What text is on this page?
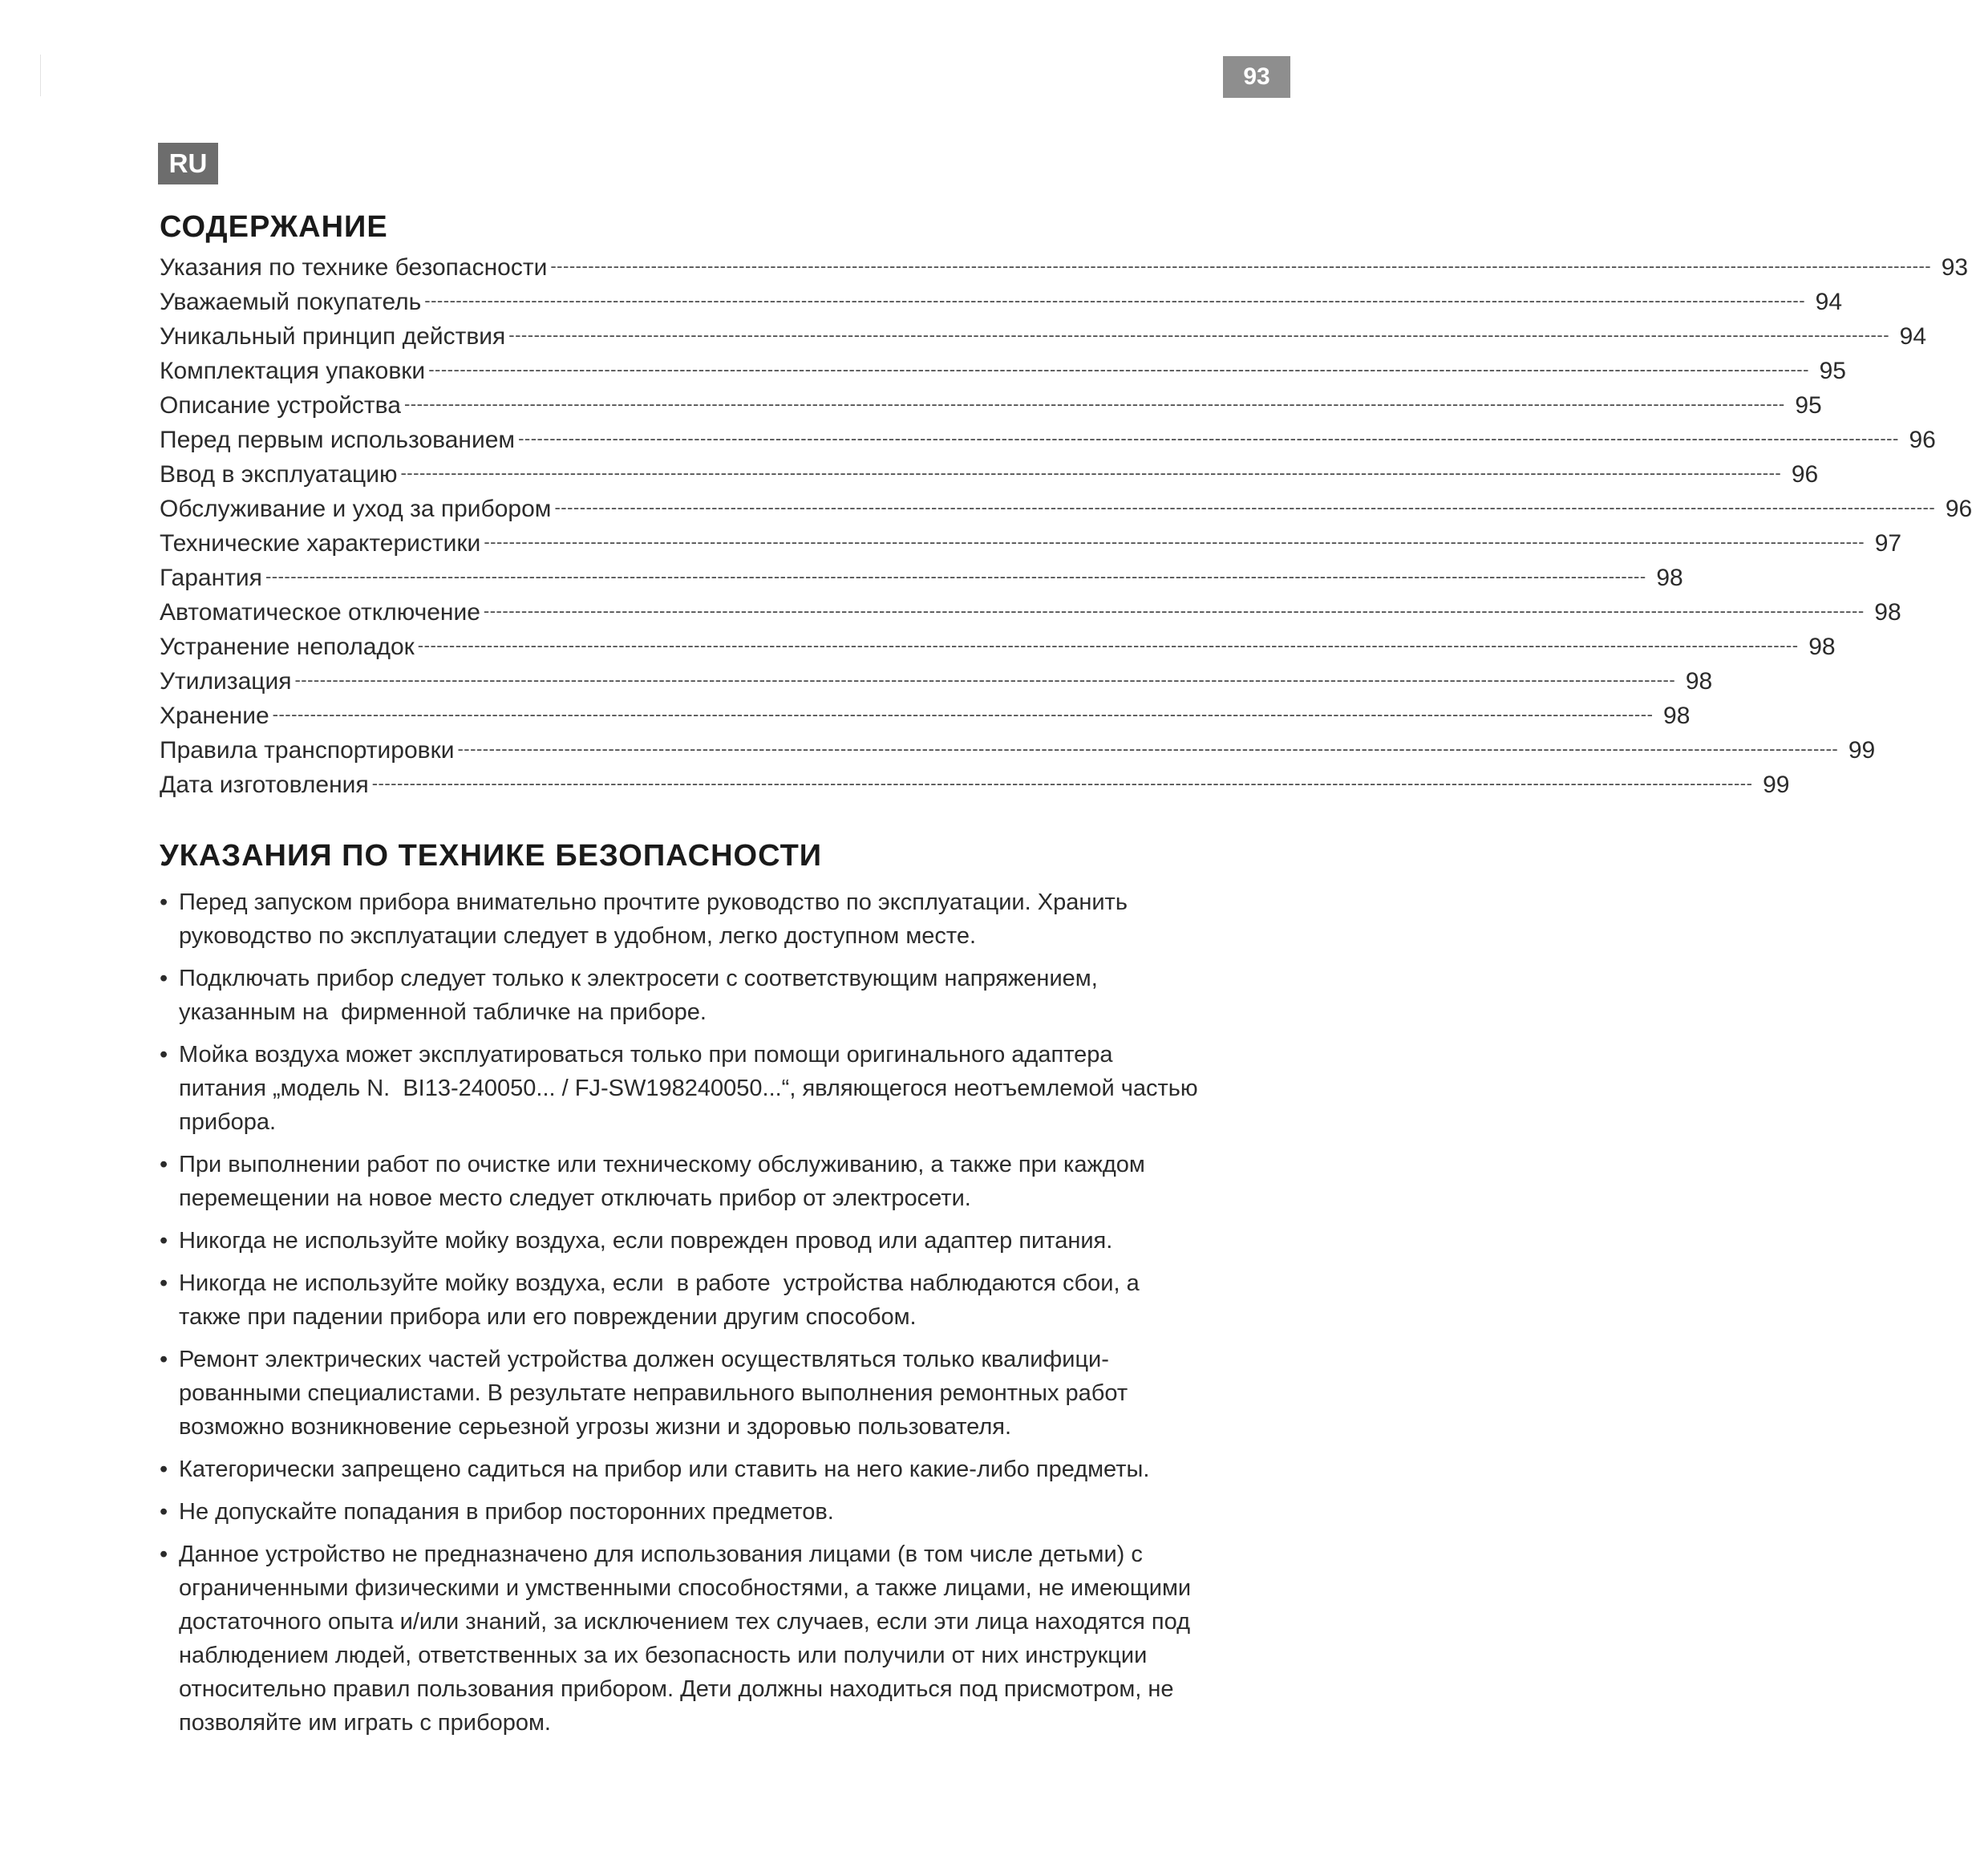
93
RU
СОДЕРЖАНИЕ
Указания по технике безопасности ---------------------------------------------------------------------------------------------------------------------------------------------------------------------------------------------------------------------------- 93
Уважаемый покупатель ---------------------------------------------------------------------------------------------------------------------------------------------------------------------------------------------------------------------------- 94
Уникальный принцип действия ---------------------------------------------------------------------------------------------------------------------------------------------------------------------------------------------------------------------------- 94
Комплектация упаковки ---------------------------------------------------------------------------------------------------------------------------------------------------------------------------------------------------------------------------- 95
Описание устройства ---------------------------------------------------------------------------------------------------------------------------------------------------------------------------------------------------------------------------- 95
Перед первым использованием ---------------------------------------------------------------------------------------------------------------------------------------------------------------------------------------------------------------------------- 96
Ввод в эксплуатацию ---------------------------------------------------------------------------------------------------------------------------------------------------------------------------------------------------------------------------- 96
Обслуживание и уход за прибором ---------------------------------------------------------------------------------------------------------------------------------------------------------------------------------------------------------------------------- 96
Технические характеристики ---------------------------------------------------------------------------------------------------------------------------------------------------------------------------------------------------------------------------- 97
Гарантия ---------------------------------------------------------------------------------------------------------------------------------------------------------------------------------------------------------------------------- 98
Автоматическое отключение ---------------------------------------------------------------------------------------------------------------------------------------------------------------------------------------------------------------------------- 98
Устранение неполадок ---------------------------------------------------------------------------------------------------------------------------------------------------------------------------------------------------------------------------- 98
Утилизация ---------------------------------------------------------------------------------------------------------------------------------------------------------------------------------------------------------------------------- 98
Хранение ---------------------------------------------------------------------------------------------------------------------------------------------------------------------------------------------------------------------------- 98
Правила транспортировки ---------------------------------------------------------------------------------------------------------------------------------------------------------------------------------------------------------------------------- 99
Дата изготовления ---------------------------------------------------------------------------------------------------------------------------------------------------------------------------------------------------------------------------- 99
УКАЗАНИЯ ПО ТЕХНИКЕ БЕЗОПАСНОСТИ
• Перед запуском прибора внимательно прочтите руководство по эксплуатации. Хранить руководство по эксплуатации следует в удобном, легко доступном месте.
• Подключать прибор следует только к электросети с соответствующим напряжением, указанным на  фирменной табличке на приборе.
• Мойка воздуха может эксплуатироваться только при помощи оригинального адаптера питания „модель N.  BI13-240050... / FJ-SW198240050...“, являющегося неотъемлемой частью прибора.
• При выполнении работ по очистке или техническому обслуживанию, а также при каждом перемещении на новое место следует отключать прибор от электросети.
• Никогда не используйте мойку воздуха, если поврежден провод или адаптер питания.
• Никогда не используйте мойку воздуха, если  в работе  устройства наблюдаются сбои, а также при падении прибора или его повреждении другим способом.
• Ремонт электрических частей устройства должен осуществляться только квалифици-рованными специалистами. В результате неправильного выполнения ремонтных работ возможно возникновение серьезной угрозы жизни и здоровью пользователя.
• Категорически запрещено садиться на прибор или ставить на него какие-либо предметы.
• Не допускайте попадания в прибор посторонних предметов.
• Данное устройство не предназначено для использования лицами (в том числе детьми) с ограниченными физическими и умственными способностями, а также лицами, не имеющими достаточного опыта и/или знаний, за исключением тех случаев, если эти лица находятся под наблюдением людей, ответственных за их безопасность или получили от них инструкции относительно правил пользования прибором. Дети должны находиться под присмотром, не позволяйте им играть с прибором.
